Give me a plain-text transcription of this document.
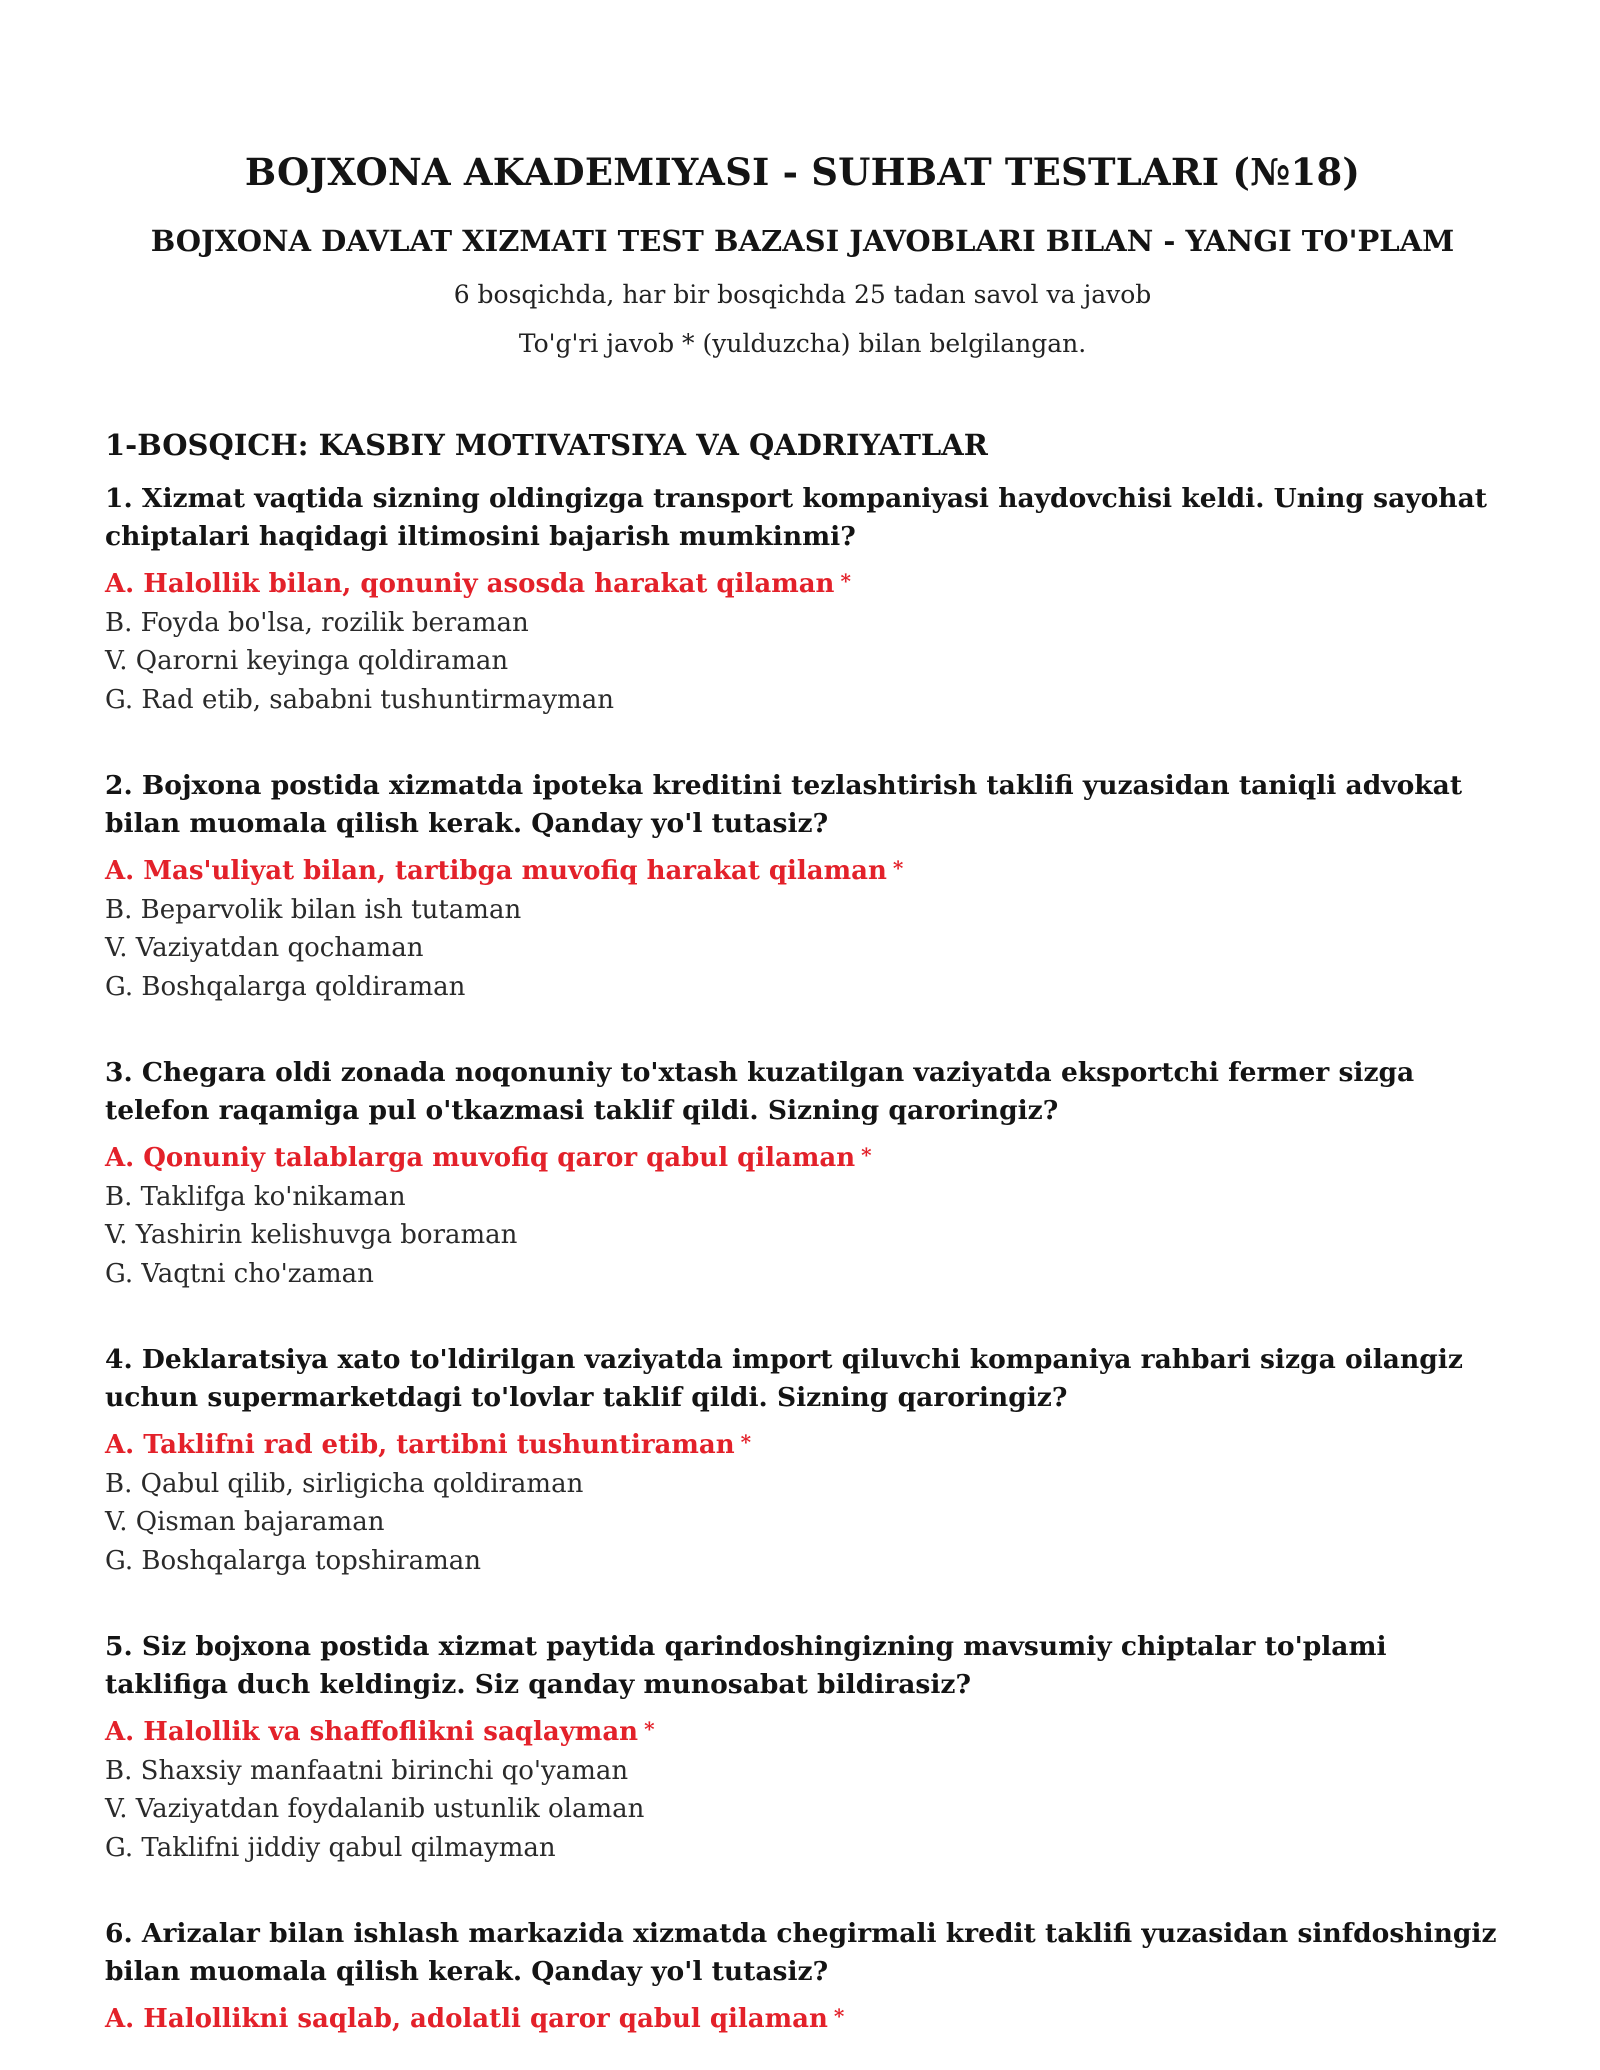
BOJXONA AKADEMIYASI - SUHBAT TESTLARI (№18)
BOJXONA DAVLAT XIZMATI TEST BAZASI JAVOBLARI BILAN - YANGI TO'PLAM
6 bosqichda, har bir bosqichda 25 tadan savol va javob
To'g'ri javob * (yulduzcha) bilan belgilangan.
1-BOSQICH: KASBIY MOTIVATSIYA VA QADRIYATLAR
1. Xizmat vaqtida sizning oldingizga transport kompaniyasi haydovchisi keldi. Uning sayohat chiptalari haqidagi iltimosini bajarish mumkinmi?
A. Halollik bilan, qonuniy asosda harakat qilaman *
B. Foyda bo'lsa, rozilik beraman
V. Qarorni keyinga qoldiraman
G. Rad etib, sababni tushuntirmayman
2. Bojxona postida xizmatda ipoteka kreditini tezlashtirish taklifi yuzasidan taniqli advokat bilan muomala qilish kerak. Qanday yo'l tutasiz?
A. Mas'uliyat bilan, tartibga muvofiq harakat qilaman *
B. Beparvolik bilan ish tutaman
V. Vaziyatdan qochaman
G. Boshqalarga qoldiraman
3. Chegara oldi zonada noqonuniy to'xtash kuzatilgan vaziyatda eksportchi fermer sizga telefon raqamiga pul o'tkazmasi taklif qildi. Sizning qaroringiz?
A. Qonuniy talablarga muvofiq qaror qabul qilaman *
B. Taklifga ko'nikaman
V. Yashirin kelishuvga boraman
G. Vaqtni cho'zaman
4. Deklaratsiya xato to'ldirilgan vaziyatda import qiluvchi kompaniya rahbari sizga oilangiz uchun supermarketdagi to'lovlar taklif qildi. Sizning qaroringiz?
A. Taklifni rad etib, tartibni tushuntiraman *
B. Qabul qilib, sirligicha qoldiraman
V. Qisman bajaraman
G. Boshqalarga topshiraman
5. Siz bojxona postida xizmat paytida qarindoshingizning mavsumiy chiptalar to'plami taklifiga duch keldingiz. Siz qanday munosabat bildirasiz?
A. Halollik va shaffoflikni saqlayman *
B. Shaxsiy manfaatni birinchi qo'yaman
V. Vaziyatdan foydalanib ustunlik olaman
G. Taklifni jiddiy qabul qilmayman
6. Arizalar bilan ishlash markazida xizmatda chegirmali kredit taklifi yuzasidan sinfdoshingiz bilan muomala qilish kerak. Qanday yo'l tutasiz?
A. Halollikni saqlab, adolatli qaror qabul qilaman *
